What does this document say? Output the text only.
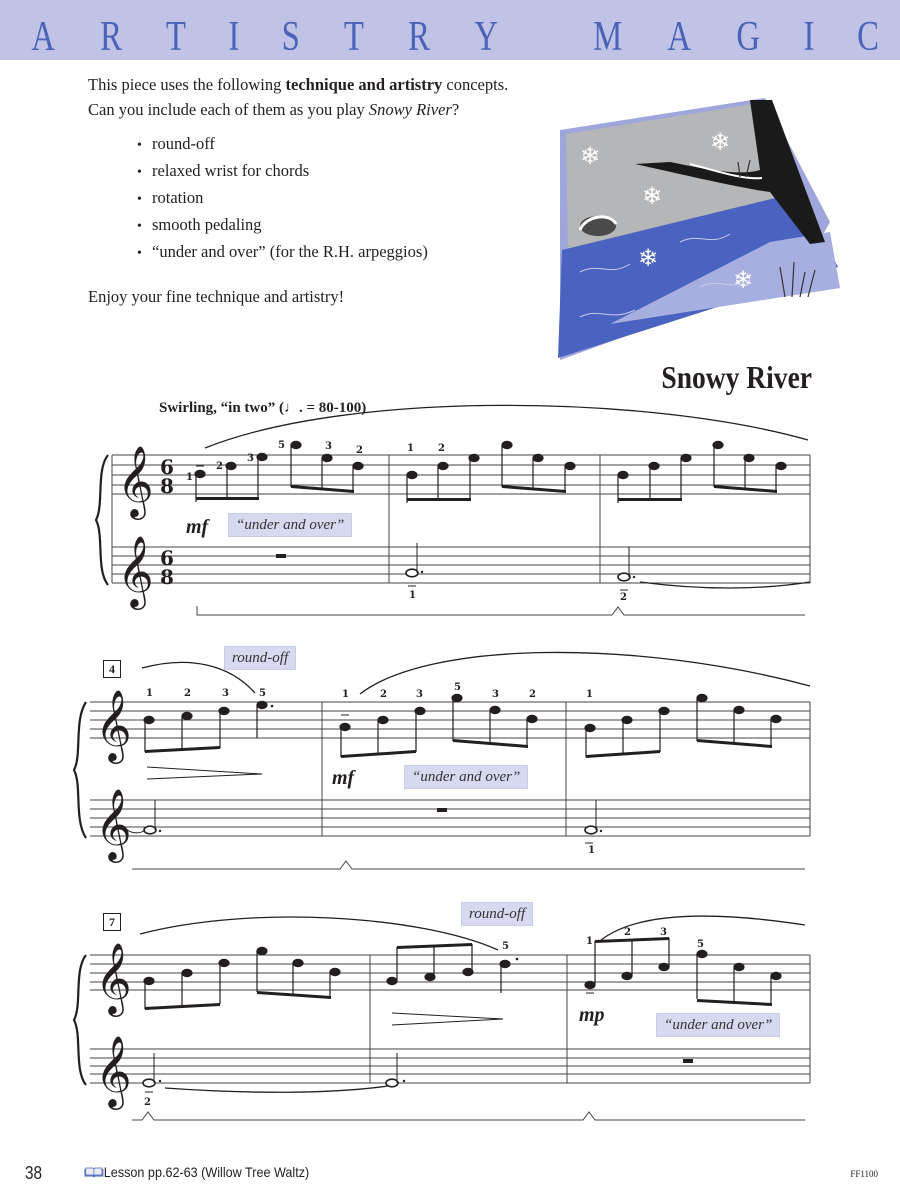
A R T I S T R Y
M A G I C

This piece uses the following technique and artistry concepts.

Can you include each of them as you play Snowy River?

• round-off
• relaxed wrist for chords
• rotation
• smooth pedaling
• “under and over” (for the R.H. arpeggios)

Enjoy your fine technique and artistry!

❄	❄
❄
❄
❄
Snowy River
Swirling, “in two” (♩. = 80-100)
𝄞
𝄞
𝄞
𝄞
𝄞
𝄞
6
8
6
8
1
2
3
5	3 2	1 2
1	2
1	2	3	5	1	2	3
5
3	2	1
1
5	1
2	3
5
2
4
7
mf
mf
mp
“under and over”
round-off
“under and over”
round-off
“under and over”
38	Lesson pp.62-63 (Willow Tree Waltz)	FF1100
